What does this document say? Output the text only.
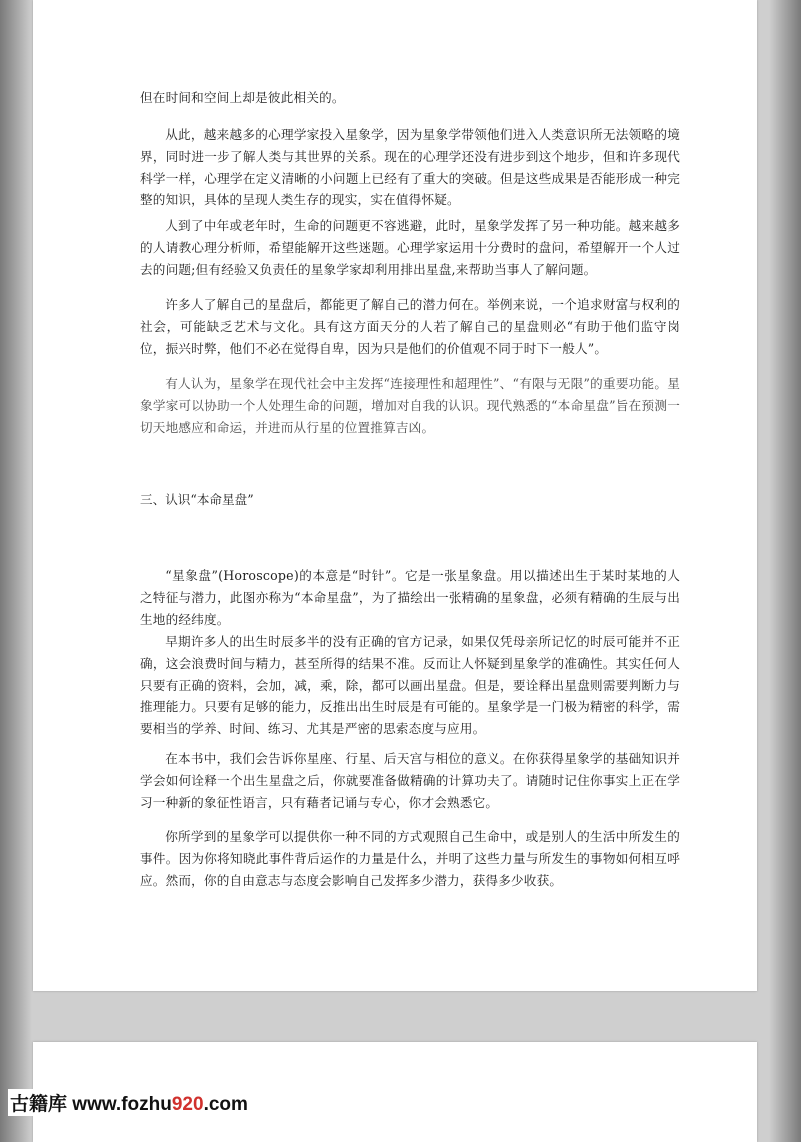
但在时间和空间上却是彼此相关的。

从此，越来越多的心理学家投入星象学，因为星象学带领他们进入人类意识所无法领略的境界，同时进一步了解人类与其世界的关系。现在的心理学还没有进步到这个地步，但和许多现代科学一样，心理学在定义清晰的小问题上已经有了重大的突破。但是这些成果是否能形成一种完整的知识，具体的呈现人类生存的现实，实在值得怀疑。

人到了中年或老年时，生命的问题更不容逃避，此时，星象学发挥了另一种功能。越来越多的人请教心理分析师，希望能解开这些迷题。心理学家运用十分费时的盘问，希望解开一个人过去的问题;但有经验又负责任的星象学家却利用排出星盘,来帮助当事人了解问题。

许多人了解自己的星盘后，都能更了解自己的潜力何在。举例来说，一个追求财富与权利的社会，可能缺乏艺术与文化。具有这方面天分的人若了解自己的星盘则必“有助于他们监守岗位，振兴时弊，他们不必在觉得自卑，因为只是他们的价值观不同于时下一般人”。

有人认为，星象学在现代社会中主发挥“连接理性和超理性”、“有限与无限”的重要功能。星象学家可以协助一个人处理生命的问题，增加对自我的认识。现代熟悉的“本命星盘”旨在预测一切天地感应和命运，并进而从行星的位置推算吉凶。

三、认识“本命星盘”

“星象盘”(Horoscope)的本意是“时针”。它是一张星象盘。用以描述出生于某时某地的人之特征与潜力，此图亦称为“本命星盘”，为了描绘出一张精确的星象盘，必须有精确的生辰与出生地的经纬度。

早期许多人的出生时辰多半的没有正确的官方记录，如果仅凭母亲所记忆的时辰可能并不正确，这会浪费时间与精力，甚至所得的结果不准。反而让人怀疑到星象学的准确性。其实任何人只要有正确的资料，会加，减，乘，除，都可以画出星盘。但是，要诠释出星盘则需要判断力与推理能力。只要有足够的能力，反推出出生时辰是有可能的。星象学是一门极为精密的科学，需要相当的学养、时间、练习、尤其是严密的思索态度与应用。

在本书中，我们会告诉你星座、行星、后天宫与相位的意义。在你获得星象学的基础知识并学会如何诠释一个出生星盘之后，你就要准备做精确的计算功夫了。请随时记住你事实上正在学习一种新的象征性语言，只有藉者记诵与专心，你才会熟悉它。

你所学到的星象学可以提供你一种不同的方式观照自己生命中，或是别人的生活中所发生的事件。因为你将知晓此事件背后运作的力量是什么，并明了这些力量与所发生的事物如何相互呼应。然而，你的自由意志与态度会影响自己发挥多少潜力，获得多少收获。

古籍库 www.fozhu920.com
